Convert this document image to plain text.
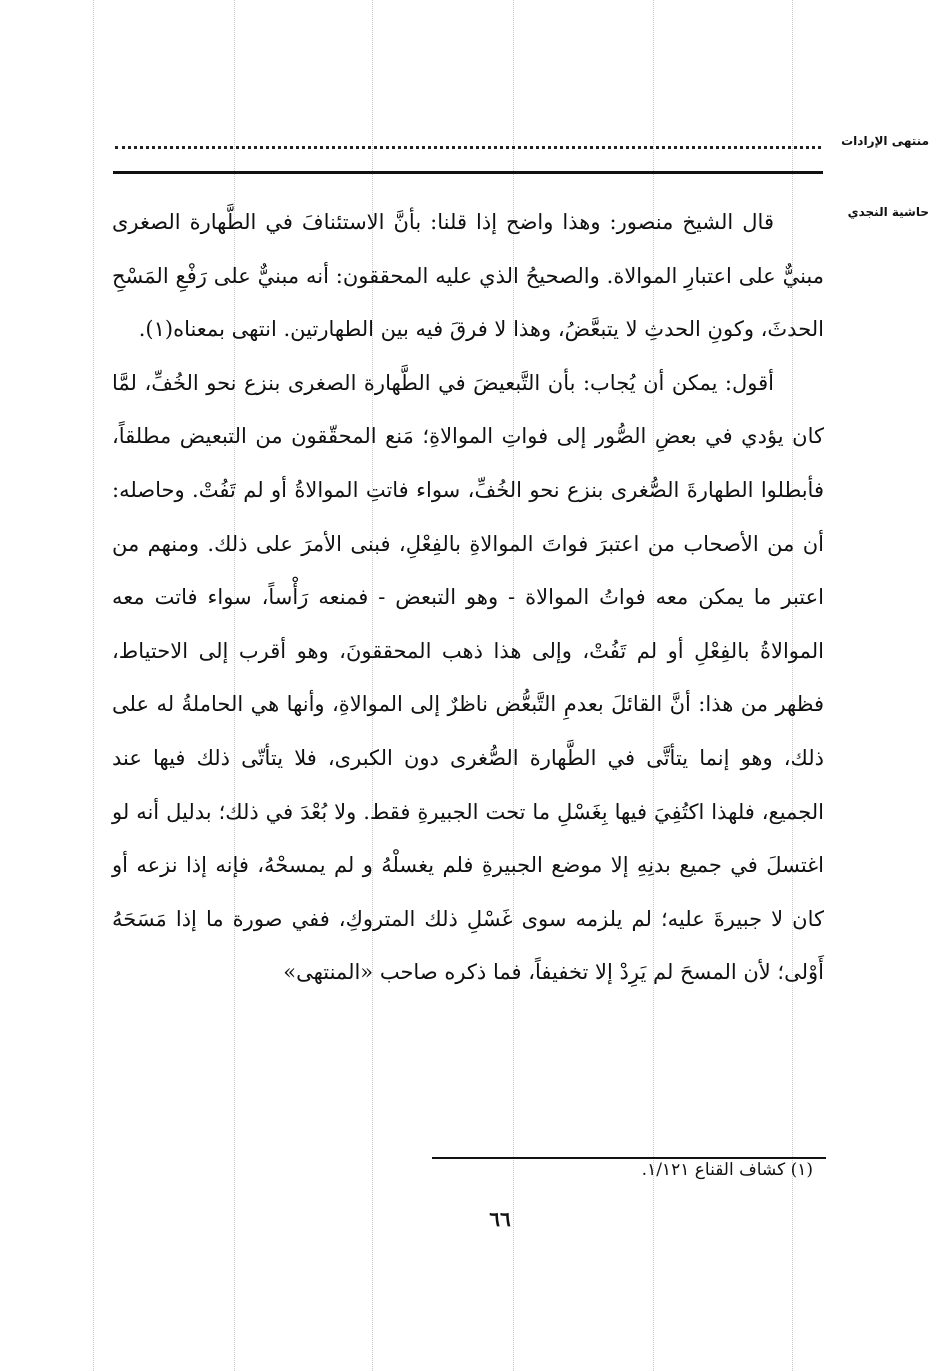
منتهى الإرادات
حاشية النجدي

قال الشيخ منصور: وهذا واضح إذا قلنا: بأنَّ الاستئنافَ في الطَّهارة الصغرى مبنيٌّ على اعتبارِ الموالاة. والصحيحُ الذي عليه المحققون: أنه مبنيٌّ على رَفْعِ المَسْحِ الحدثَ، وكونِ الحدثِ لا يتبعَّضُ، وهذا لا فرقَ فيه بين الطهارتين. انتهى بمعناه(١).

أقول: يمكن أن يُجاب: بأن التَّبعيضَ في الطَّهارة الصغرى بنزع نحو الخُفِّ، لمَّا كان يؤدي في بعضِ الصُّور إلى فواتِ الموالاةِ؛ مَنع المحقّقون من التبعيض مطلقاً، فأبطلوا الطهارةَ الصُّغرى بنزع نحو الخُفِّ، سواء فاتتِ الموالاةُ أو لم تَفُتْ. وحاصله: أن من الأصحاب من اعتبرَ فواتَ الموالاةِ بالفِعْلِ، فبنى الأمرَ على ذلك. ومنهم من اعتبر ما يمكن معه فواتُ الموالاة - وهو التبعض - فمنعه رَأْساً، سواء فاتت معه الموالاةُ بالفِعْلِ أو لم تَفُتْ، وإلى هذا ذهب المحققونَ، وهو أقرب إلى الاحتياط، فظهر من هذا: أنَّ القائلَ بعدمِ التَّبعُّض ناظرٌ إلى الموالاةِ، وأنها هي الحاملةُ له على ذلك، وهو إنما يتأتَّى في الطَّهارة الصُّغرى دون الكبرى، فلا يتأتّى ذلك فيها عند الجميع، فلهذا اكتُفِيَ فيها بِغَسْلِ ما تحت الجبيرةِ فقط. ولا بُعْدَ في ذلك؛ بدليل أنه لو اغتسلَ في جميع بدنِهِ إلا موضع الجبيرةِ فلم يغسلْهُ و لم يمسحْهُ، فإنه إذا نزعه أو كان لا جبيرةَ عليه؛ لم يلزمه سوى غَسْلِ ذلك المتروكِ، ففي صورة ما إذا مَسَحَهُ أَوْلى؛ لأن المسحَ لم يَرِدْ إلا تخفيفاً، فما ذكره صاحب «المنتهى»

(١) كشاف القناع ١/١٢١.
٦٦
